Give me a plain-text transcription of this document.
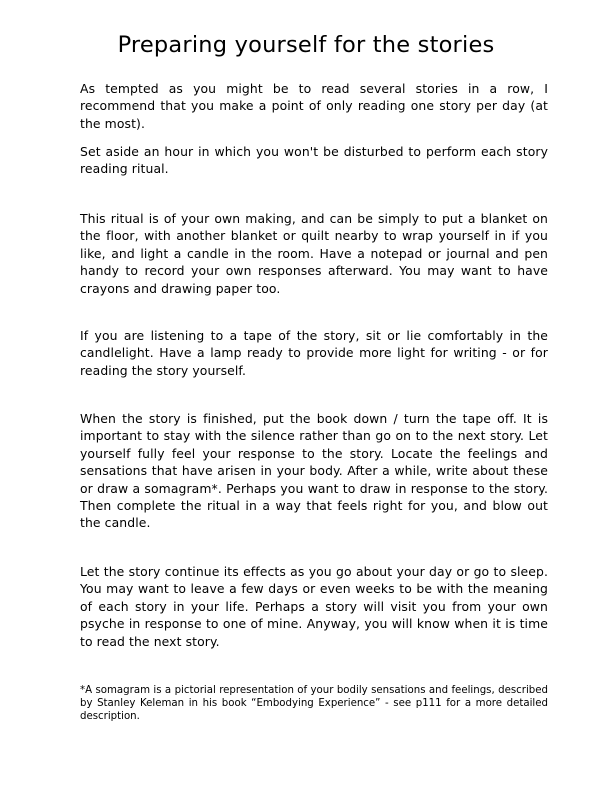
Preparing yourself for the stories

As tempted as you might be to read several stories in a row, I recommend that you make a point of only reading one story per day (at the most).

Set aside an hour in which you won't be disturbed to perform each story reading ritual.

This ritual is of your own making, and can be simply to put a blanket on the floor, with another blanket or quilt nearby to wrap yourself in if you like, and light a candle in the room. Have a notepad or journal and pen handy to record your own responses afterward. You may want to have crayons and drawing paper too.

If you are listening to a tape of the story, sit or lie comfortably in the candlelight. Have a lamp ready to provide more light for writing - or for reading the story yourself.

When the story is finished, put the book down / turn the tape off. It is important to stay with the silence rather than go on to the next story. Let yourself fully feel your response to the story. Locate the feelings and sensations that have arisen in your body. After a while, write about these or draw a somagram*. Perhaps you want to draw in response to the story. Then complete the ritual in a way that feels right for you, and blow out the candle.

Let the story continue its effects as you go about your day or go to sleep. You may want to leave a few days or even weeks to be with the meaning of each story in your life. Perhaps a story will visit you from your own psyche in response to one of mine. Anyway, you will know when it is time to read the next story.

*A somagram is a pictorial representation of your bodily sensations and feelings, described by Stanley Keleman in his book “Embodying Experience” - see p111 for a more detailed description.
